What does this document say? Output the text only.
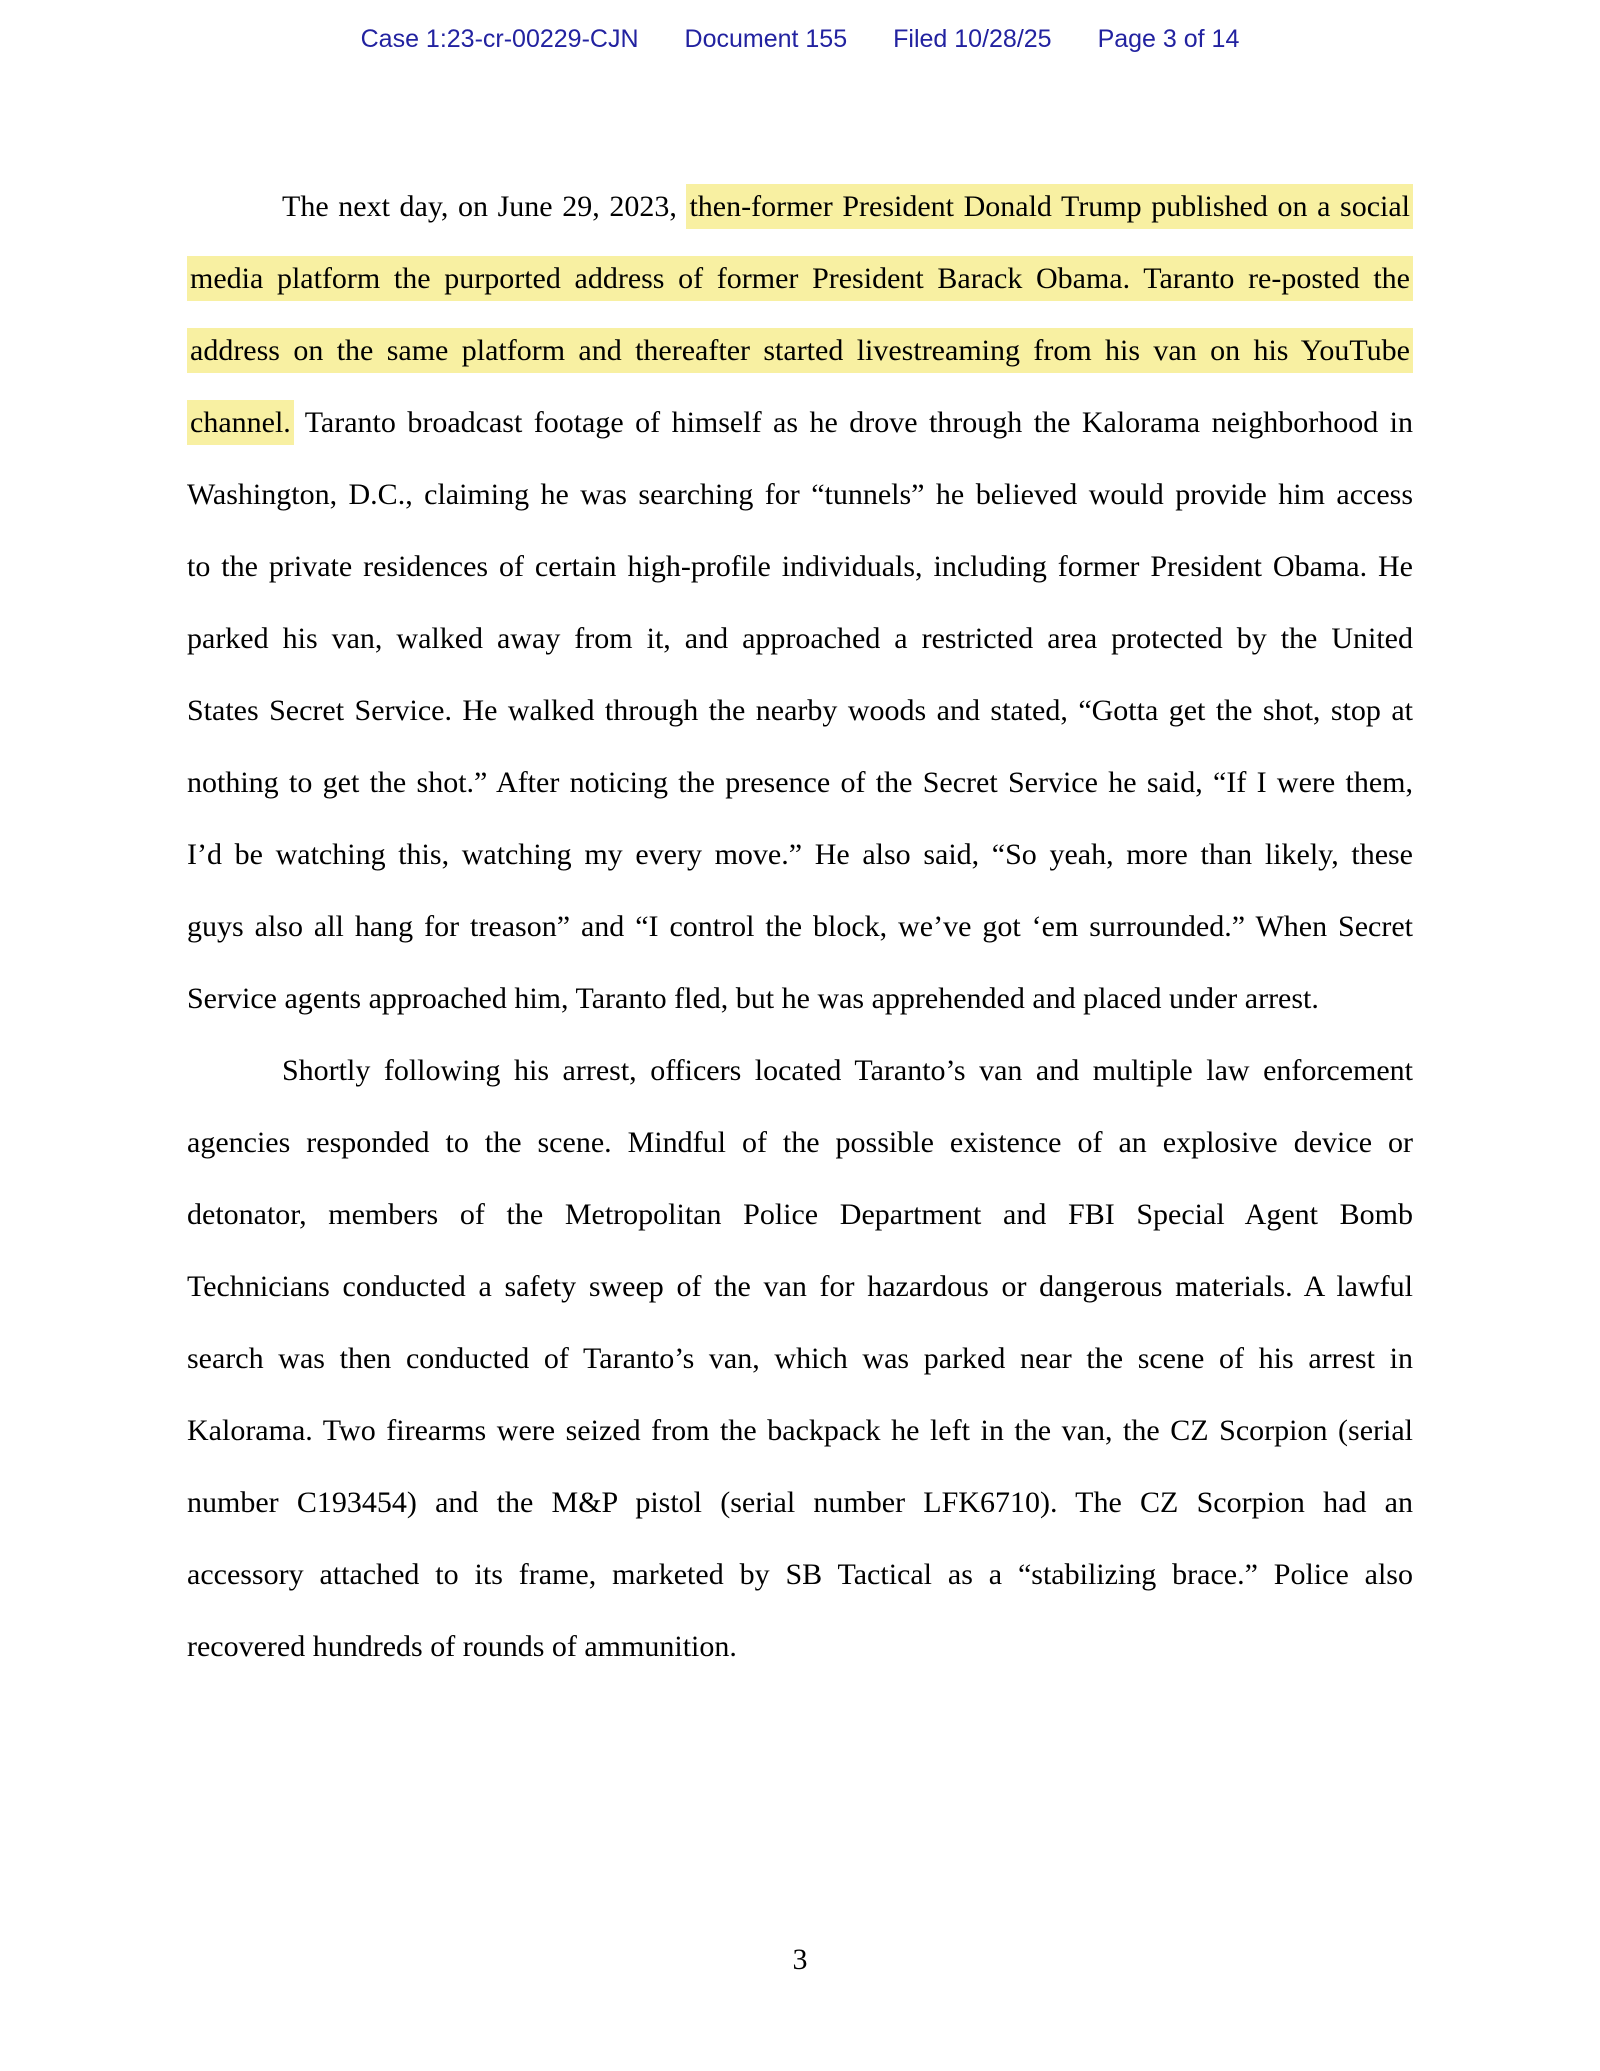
Case 1:23-cr-00229-CJN Document 155 Filed 10/28/25 Page 3 of 14
The next day, on June 29, 2023, then-former President Donald Trump published on a social
media platform the purported address of former President Barack Obama. Taranto re-posted the
address on the same platform and thereafter started livestreaming from his van on his YouTube
channel. Taranto broadcast footage of himself as he drove through the Kalorama neighborhood in
Washington, D.C., claiming he was searching for “tunnels” he believed would provide him access
to the private residences of certain high-profile individuals, including former President Obama. He
parked his van, walked away from it, and approached a restricted area protected by the United
States Secret Service. He walked through the nearby woods and stated, “Gotta get the shot, stop at
nothing to get the shot.” After noticing the presence of the Secret Service he said, “If I were them,
I’d be watching this, watching my every move.” He also said, “So yeah, more than likely, these
guys also all hang for treason” and “I control the block, we’ve got ‘em surrounded.” When Secret
Service agents approached him, Taranto fled, but he was apprehended and placed under arrest.
Shortly following his arrest, officers located Taranto’s van and multiple law enforcement
agencies responded to the scene. Mindful of the possible existence of an explosive device or
detonator, members of the Metropolitan Police Department and FBI Special Agent Bomb
Technicians conducted a safety sweep of the van for hazardous or dangerous materials. A lawful
search was then conducted of Taranto’s van, which was parked near the scene of his arrest in
Kalorama. Two firearms were seized from the backpack he left in the van, the CZ Scorpion (serial
number C193454) and the M&P pistol (serial number LFK6710). The CZ Scorpion had an
accessory attached to its frame, marketed by SB Tactical as a “stabilizing brace.” Police also
recovered hundreds of rounds of ammunition.
3
